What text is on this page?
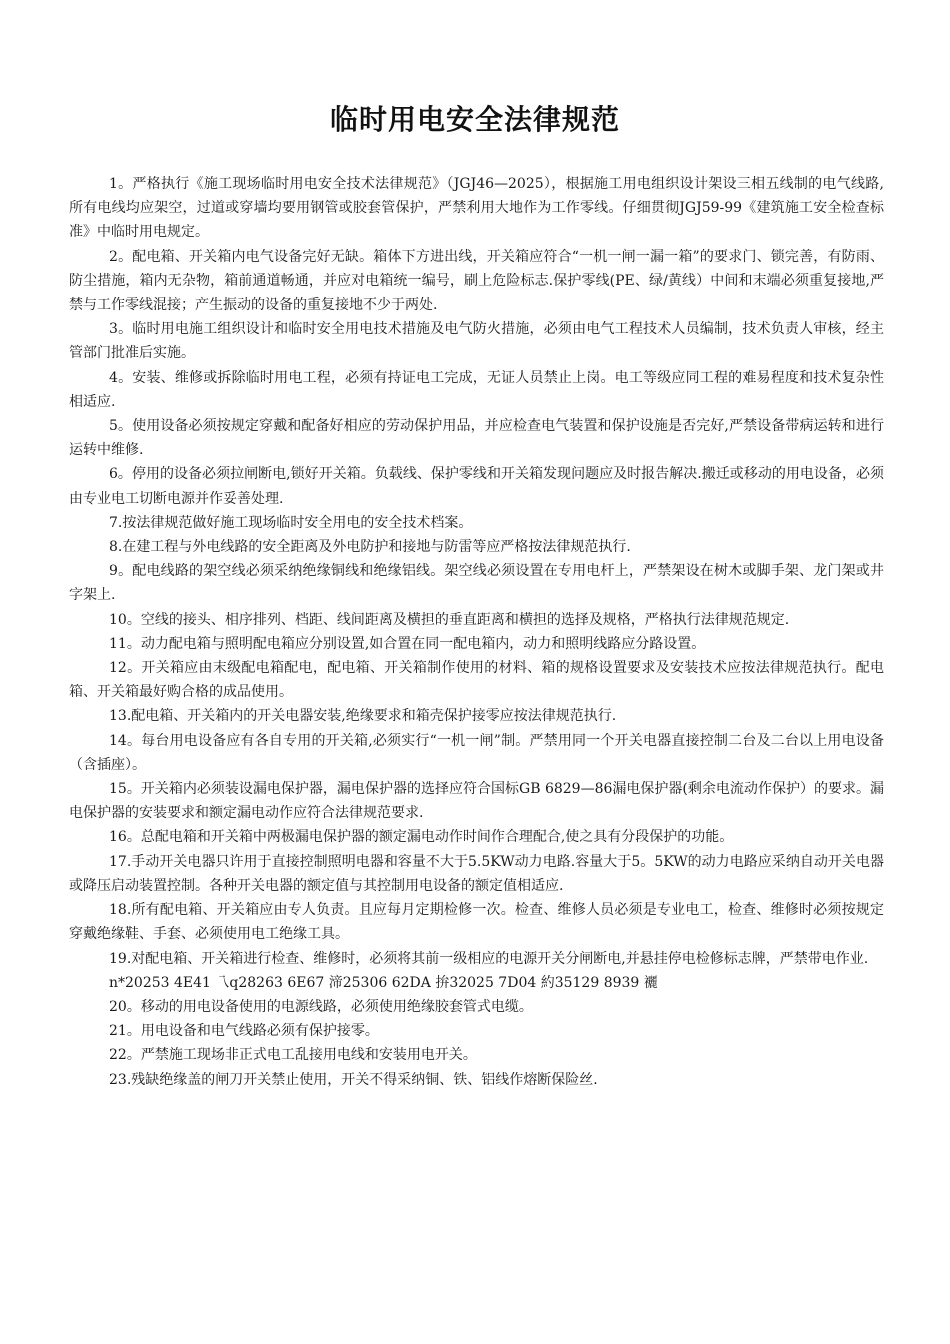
临时用电安全法律规范

1。严格执行《施工现场临时用电安全技术法律规范》（JGJ46—2025），根据施工用电组织设计架设三相五线制的电气线路,所有电线均应架空，过道或穿墙均要用钢管或胶套管保护，严禁利用大地作为工作零线。仔细贯彻JGJ59-99《建筑施工安全检查标准》中临时用电规定。

2。配电箱、开关箱内电气设备完好无缺。箱体下方进出线，开关箱应符合“一机一闸一漏一箱”的要求门、锁完善，有防雨、防尘措施，箱内无杂物，箱前通道畅通，并应对电箱统一编号，刷上危险标志.保护零线(PE、绿/黄线）中间和末端必须重复接地,严禁与工作零线混接；产生振动的设备的重复接地不少于两处.

3。临时用电施工组织设计和临时安全用电技术措施及电气防火措施，必须由电气工程技术人员编制，技术负责人审核，经主管部门批准后实施。

4。安装、维修或拆除临时用电工程，必须有持证电工完成，无证人员禁止上岗。电工等级应同工程的难易程度和技术复杂性相适应.

5。使用设备必须按规定穿戴和配备好相应的劳动保护用品，并应检查电气装置和保护设施是否完好,严禁设备带病运转和进行运转中维修.

6。停用的设备必须拉闸断电,锁好开关箱。负载线、保护零线和开关箱发现问题应及时报告解决.搬迁或移动的用电设备，必须由专业电工切断电源并作妥善处理.

7.按法律规范做好施工现场临时安全用电的安全技术档案。

8.在建工程与外电线路的安全距离及外电防护和接地与防雷等应严格按法律规范执行.

9。配电线路的架空线必须采纳绝缘铜线和绝缘铝线。架空线必须设置在专用电杆上，严禁架设在树木或脚手架、龙门架或井字架上.

10。空线的接头、相序排列、档距、线间距离及横担的垂直距离和横担的选择及规格，严格执行法律规范规定.

11。动力配电箱与照明配电箱应分别设置,如合置在同一配电箱内，动力和照明线路应分路设置。

12。开关箱应由末级配电箱配电，配电箱、开关箱制作使用的材料、箱的规格设置要求及安装技术应按法律规范执行。配电箱、开关箱最好购合格的成品使用。

13.配电箱、开关箱内的开关电器安装,绝缘要求和箱壳保护接零应按法律规范执行.

14。每台用电设备应有各自专用的开关箱,必须实行“一机一闸”制。严禁用同一个开关电器直接控制二台及二台以上用电设备（含插座）。

15。开关箱内必须装设漏电保护器，漏电保护器的选择应符合国标GB 6829—86漏电保护器(剩余电流动作保护）的要求。漏电保护器的安装要求和额定漏电动作应符合法律规范要求.

16。总配电箱和开关箱中两极漏电保护器的额定漏电动作时间作合理配合,使之具有分段保护的功能。

17.手动开关电器只许用于直接控制照明电器和容量不大于5.5KW动力电路.容量大于5。5KW的动力电路应采纳自动开关电器或降压启动装置控制。各种开关电器的额定值与其控制用电设备的额定值相适应.

18.所有配电箱、开关箱应由专人负责。且应每月定期检修一次。检查、维修人员必须是专业电工，检查、维修时必须按规定穿戴绝缘鞋、手套、必须使用电工绝缘工具。

19.对配电箱、开关箱进行检查、维修时，必须将其前一级相应的电源开关分闸断电,并悬挂停电检修标志牌，严禁带电作业.

n*20253 4E41 乁q28263 6E67 渧25306 62DA 拚32025 7D04 約35129 8939 襹

20。移动的用电设备使用的电源线路，必须使用绝缘胶套管式电缆。

21。用电设备和电气线路必须有保护接零。

22。严禁施工现场非正式电工乱接用电线和安装用电开关。

23.残缺绝缘盖的闸刀开关禁止使用，开关不得采纳铜、铁、铝线作熔断保险丝.
